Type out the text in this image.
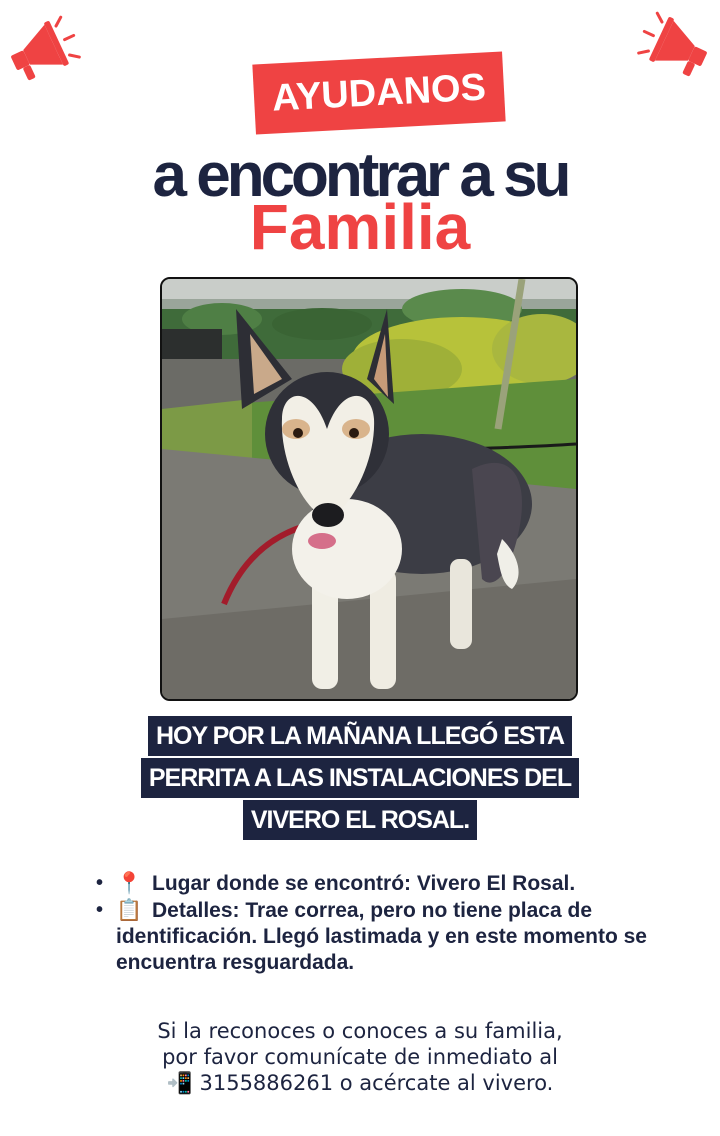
AYUDANOS
a encontrar a su
Familia
HOY POR LA MAÑANA LLEGÓ ESTA
PERRITA A LAS INSTALACIONES DEL
VIVERO EL ROSAL.
• 📍 Lugar donde se encontró: Vivero El Rosal.
• 📋 Detalles: Trae correa, pero no tiene placa de identificación. Llegó lastimada y en este momento se encuentra resguardada.
Si la reconoces o conoces a su familia,
por favor comunícate de inmediato al
📲 3155886261 o acércate al vivero.
